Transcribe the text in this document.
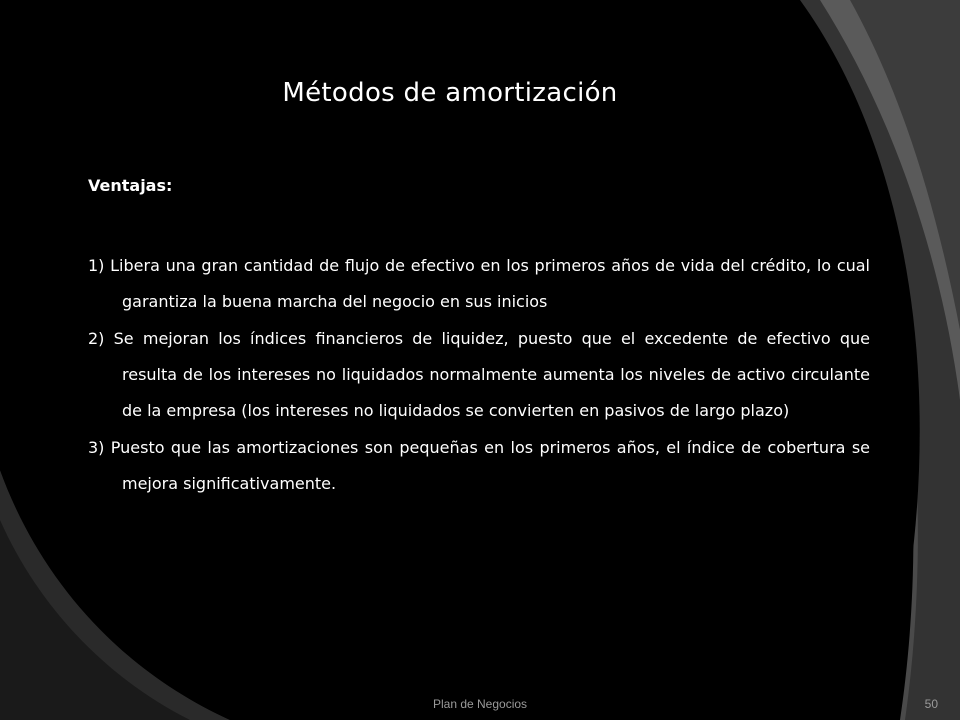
Métodos de amortización
Ventajas:
1) Libera una gran cantidad de flujo de efectivo en los primeros años de vida del crédito, lo cual garantiza la buena marcha del negocio en sus inicios
2) Se mejoran los índices financieros de liquidez, puesto que el excedente de efectivo que resulta de los intereses no liquidados normalmente aumenta los niveles de activo circulante de la empresa (los intereses no liquidados se convierten en pasivos de largo plazo)
3) Puesto que las amortizaciones son pequeñas en los primeros años, el índice de cobertura se mejora significativamente.
Plan de Negocios	50
